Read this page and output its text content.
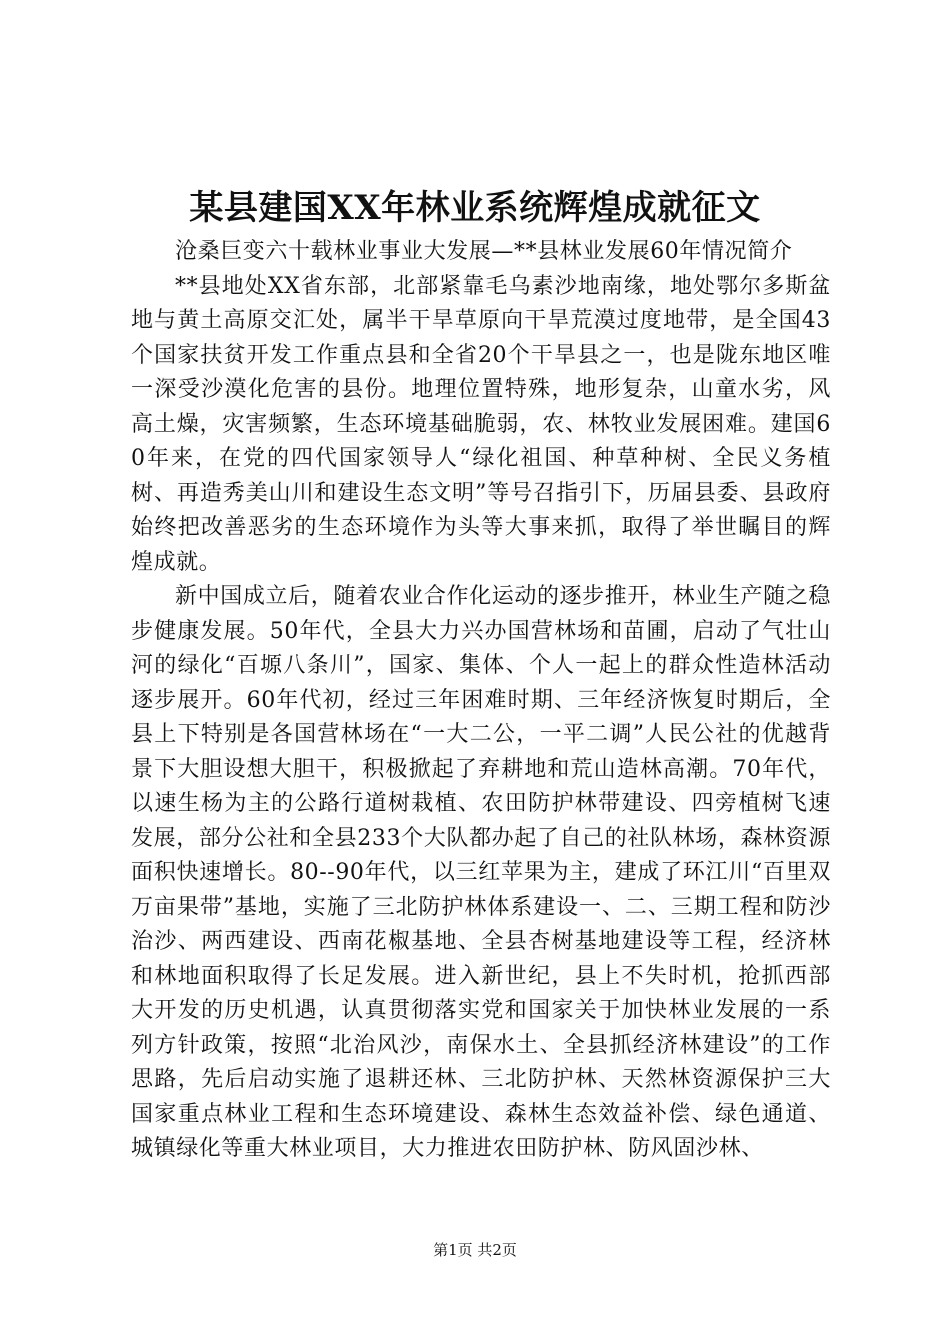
某县建国XX年林业系统辉煌成就征文

沧桑巨变六十载林业事业大发展—**县林业发展60年情况简介

**县地处XX省东部，北部紧靠毛乌素沙地南缘，地处鄂尔多斯盆地与黄土高原交汇处，属半干旱草原向干旱荒漠过度地带，是全国43个国家扶贫开发工作重点县和全省20个干旱县之一，也是陇东地区唯一深受沙漠化危害的县份。地理位置特殊，地形复杂，山童水劣，风高土燥，灾害频繁，生态环境基础脆弱，农、林牧业发展困难。建国60年来，在党的四代国家领导人“绿化祖国、种草种树、全民义务植树、再造秀美山川和建设生态文明”等号召指引下，历届县委、县政府始终把改善恶劣的生态环境作为头等大事来抓，取得了举世瞩目的辉煌成就。

新中国成立后，随着农业合作化运动的逐步推开，林业生产随之稳步健康发展。50年代，全县大力兴办国营林场和苗圃，启动了气壮山河的绿化“百塬八条川”，国家、集体、个人一起上的群众性造林活动逐步展开。60年代初，经过三年困难时期、三年经济恢复时期后，全县上下特别是各国营林场在“一大二公，一平二调”人民公社的优越背景下大胆设想大胆干，积极掀起了弃耕地和荒山造林高潮。70年代，以速生杨为主的公路行道树栽植、农田防护林带建设、四旁植树飞速发展，部分公社和全县233个大队都办起了自己的社队林场，森林资源面积快速增长。80--90年代，以三红苹果为主，建成了环江川“百里双万亩果带”基地，实施了三北防护林体系建设一、二、三期工程和防沙治沙、两西建设、西南花椒基地、全县杏树基地建设等工程，经济林和林地面积取得了长足发展。进入新世纪，县上不失时机，抢抓西部大开发的历史机遇，认真贯彻落实党和国家关于加快林业发展的一系列方针政策，按照“北治风沙，南保水土、全县抓经济林建设”的工作思路，先后启动实施了退耕还林、三北防护林、天然林资源保护三大国家重点林业工程和生态环境建设、森林生态效益补偿、绿色通道、城镇绿化等重大林业项目，大力推进农田防护林、防风固沙林、

第1页 共2页
